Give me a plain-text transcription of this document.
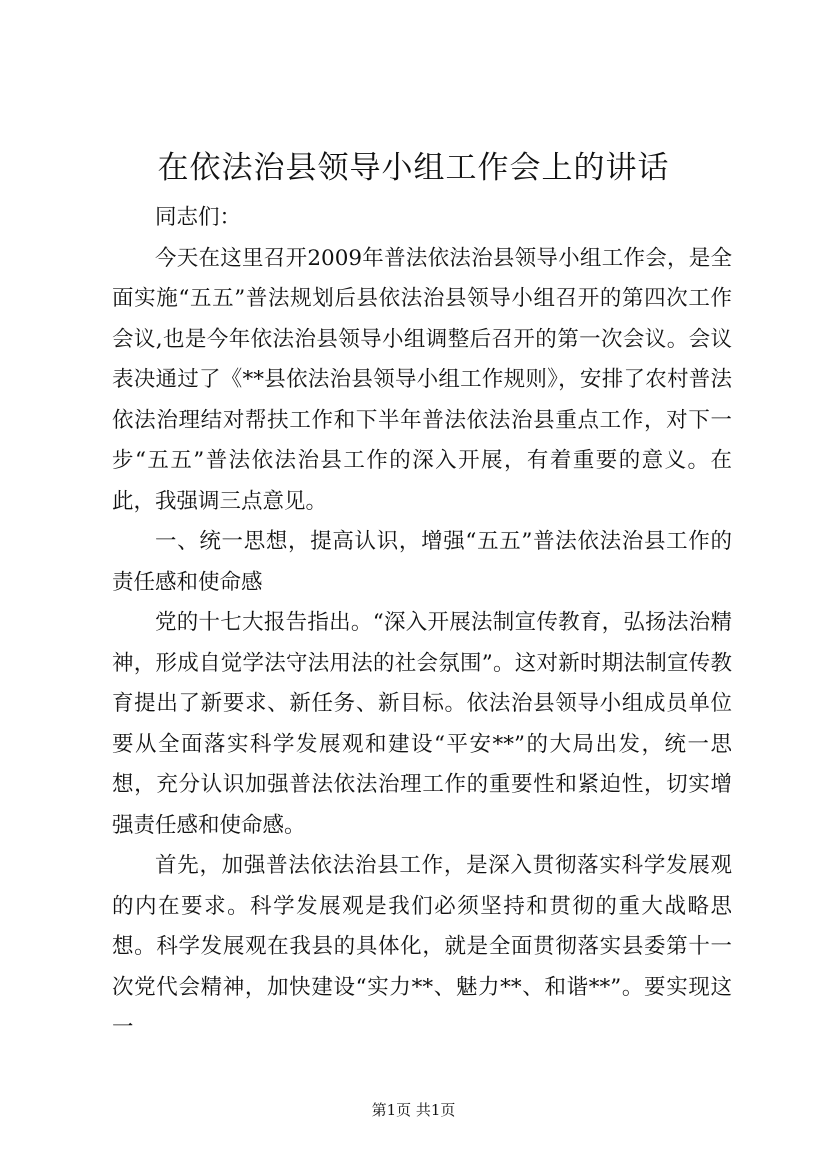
在依法治县领导小组工作会上的讲话

同志们：

今天在这里召开2009年普法依法治县领导小组工作会，是全面实施“五五”普法规划后县依法治县领导小组召开的第四次工作会议,也是今年依法治县领导小组调整后召开的第一次会议。会议表决通过了《**县依法治县领导小组工作规则》，安排了农村普法依法治理结对帮扶工作和下半年普法依法治县重点工作，对下一步“五五”普法依法治县工作的深入开展，有着重要的意义。在此，我强调三点意见。

一、统一思想，提高认识，增强“五五”普法依法治县工作的责任感和使命感

党的十七大报告指出。“深入开展法制宣传教育，弘扬法治精神，形成自觉学法守法用法的社会氛围”。这对新时期法制宣传教育提出了新要求、新任务、新目标。依法治县领导小组成员单位要从全面落实科学发展观和建设“平安**”的大局出发，统一思想，充分认识加强普法依法治理工作的重要性和紧迫性，切实增强责任感和使命感。

首先，加强普法依法治县工作，是深入贯彻落实科学发展观的内在要求。科学发展观是我们必须坚持和贯彻的重大战略思想。科学发展观在我县的具体化，就是全面贯彻落实县委第十一次党代会精神，加快建设“实力**、魅力**、和谐**”。要实现这一

第1页 共1页
